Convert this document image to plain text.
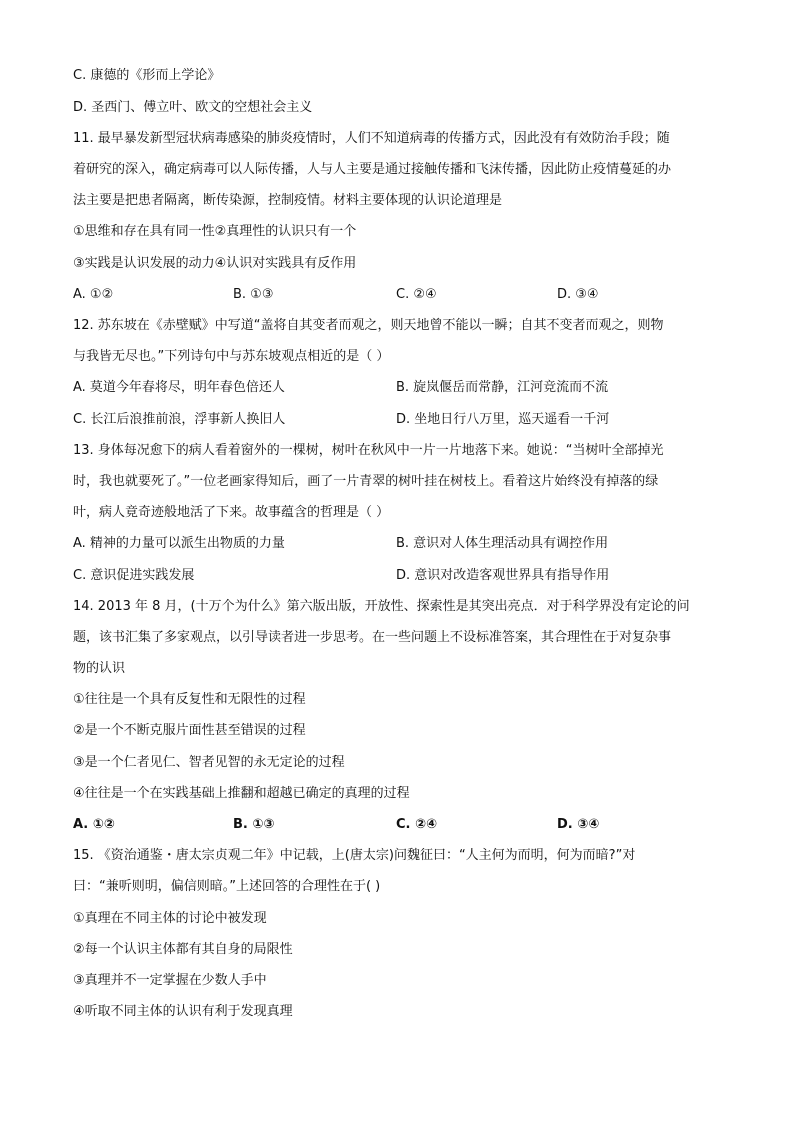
C. 康德的《形而上学论》
D. 圣西门、傅立叶、欧文的空想社会主义
11. 最早暴发新型冠状病毒感染的肺炎疫情时，人们不知道病毒的传播方式，因此没有有效防治手段；随
着研究的深入，确定病毒可以人际传播，人与人主要是通过接触传播和飞沫传播，因此防止疫情蔓延的办
法主要是把患者隔离，断传染源，控制疫情。材料主要体现的认识论道理是
①思维和存在具有同一性②真理性的认识只有一个
③实践是认识发展的动力④认识对实践具有反作用
A. ①②	B. ①③	C. ②④	D. ③④
12. 苏东坡在《赤壁赋》中写道“盖将自其变者而观之，则天地曾不能以一瞬；自其不变者而观之，则物
与我皆无尽也。”下列诗句中与苏东坡观点相近的是（ ）
A. 莫道今年春将尽，明年春色倍还人	B. 旋岚偃岳而常静，江河竞流而不流
C. 长江后浪推前浪，浮事新人换旧人	D. 坐地日行八万里，巡天遥看一千河
13. 身体每况愈下的病人看着窗外的一棵树，树叶在秋风中一片一片地落下来。她说：“当树叶全部掉光
时，我也就要死了。”一位老画家得知后，画了一片青翠的树叶挂在树枝上。看着这片始终没有掉落的绿
叶，病人竟奇迹般地活了下来。故事蕴含的哲理是（ ）
A. 精神的力量可以派生出物质的力量	B. 意识对人体生理活动具有调控作用
C. 意识促进实践发展	D. 意识对改造客观世界具有指导作用
14. 2013 年 8 月，(十万个为什么》第六版出版，开放性、探索性是其突出亮点．对于科学界没有定论的问
题，该书汇集了多家观点，以引导读者进一步思考。在一些问题上不设标准答案，其合理性在于对复杂事
物的认识
①往往是一个具有反复性和无限性的过程
②是一个不断克服片面性甚至错误的过程
③是一个仁者见仁、智者见智的永无定论的过程
④往往是一个在实践基础上推翻和超越已确定的真理的过程
A. ①②	B. ①③	C. ②④	D. ③④
15. 《资治通鉴・唐太宗贞观二年》中记载，上(唐太宗)问魏征曰：“人主何为而明，何为而暗?”对
曰：“兼听则明，偏信则暗。”上述回答的合理性在于( )
①真理在不同主体的讨论中被发现
②每一个认识主体都有其自身的局限性
③真理并不一定掌握在少数人手中
④听取不同主体的认识有利于发现真理
